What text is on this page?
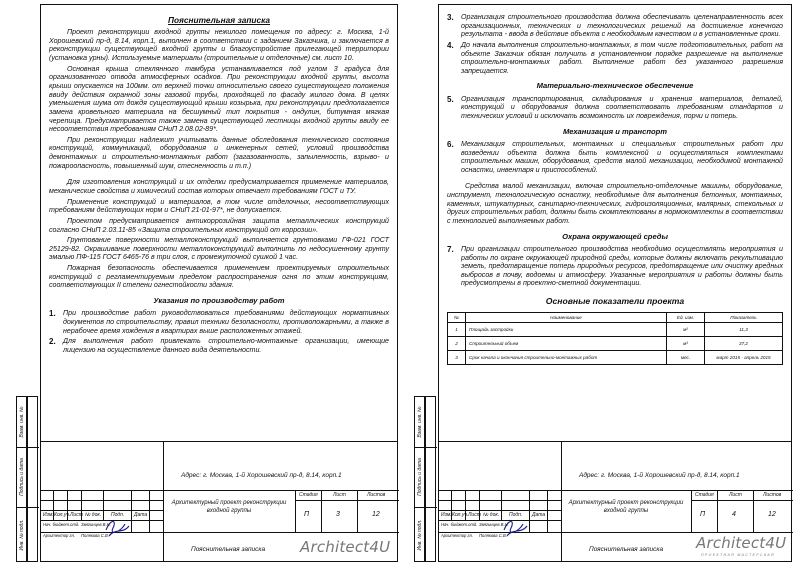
Взам. инв. №
Подпись и дата
Инв. № подл.
Пояснительная записка

Проект реконструкции входной группы нежилого помещения по адресу: г. Москва, 1-й Хорошевский пр-д, 8.14, корп.1, выполнен в соответствии с заданием Заказчика, и заключается в реконструкции существующей входной группы и благоустройстве прилегающей территории (установка урны). Используемые материалы (строительные и отделочные) см. лист 10.

Основная крыша стеклянного тамбура устанавливается под углом 3 градуса для организованного отвода атмосферных осадков. При реконструкции входной группы, высота крыши опускается на 100мм. от верхней точки относительно своего существующего положения ввиду действия охранной зоны газовой трубы, проходящей по фасаду жилого дома. В целях уменьшения шума от дождя существующий крыши козырька, при реконструкции предполагается замена кровельного материала на бесшумный тип покрытия - ондулин, битумная мягкая черепица. Предусматривается также замена существующей лестницы входной группы ввиду ее несоответствия требованиям СНиП 2.08.02-89*.

При реконструкции надлежит учитывать данные обследования технического состояния конструкций, коммуникаций, оборудования и инженерных сетей, условий производства демонтажных и строительно-монтажных работ (загазованность, запыленность, взрыво- и пожароопасность, повышенный шум, стесненность и т.п.)

Для изготовления конструкций и их отделки предусматривается применение материалов, механические свойства и химический состав которых отвечает требованиям ГОСТ и ТУ.

Применение конструкций и материалов, в том числе отделочных, несоответствующих требованиям действующих норм и СНиП 21-01-97*, не допускается.

Проектом предусматривается антикоррозийная защита металлических конструкций согласно СНиП 2.03.11-85 «Защита строительных конструкций от коррозии».

Грунтование поверхности металлоконструкций выполняется грунтовками ГФ-021 ГОСТ 25129-82. Окрашивание поверхности металлоконструкций выполнить по недосушенному грунту эмалью ПФ-115 ГОСТ 6465-76 в три слоя, с промежуточной сушкой 1 час.

Пожарная безопасность обеспечивается применением проектируемых строительных конструкций с регламентируемым пределом распространения огня по этим конструкциям, соответствующих II степени огнестойкости здания.

Указания по производству работ
1.	При производстве работ руководствоваться требованиями действующих нормативных документов по строительству, правил техники безопасности, противопожарными, а также в нерабочее время хождения в квартирах выше расположенных этажей.
2.	Для выполнения работ привлекать строительно-монтажные организации, имеющие лицензию на осуществление данного вида деятельности.
Изм. Кол.уч. Лист № док. Подп. Дата
Нач. бюджет.отд. Звягинцев В.Н.
Архитектор гл. Полякова С.В.
Адрес: г. Москва, 1-й Хорошевский пр-д, 8.14, корп.1
Архитектурный проект реконструкции входной группы
Стадия	Лист	Листов
П	3	12
Пояснительная записка Architect4U
Взам. инв. №
Подпись и дата
Инв. № подл.
3.	Организация строительного производства должна обеспечивать целенаправленность всех организационных, технических и технологических решений на достижение конечного результата - ввода в действие объекта с необходимым качеством и в установленные сроки.
4.	До начала выполнения строительно-монтажных, в том числе подготовительных, работ на объекте Заказчик обязан получить в установленном порядке разрешение на выполнение строительно-монтажных работ. Выполнение работ без указанного разрешения запрещается.
Материально-техническое обеспечение
5.	Организация транспортирования, складирования и хранения материалов, деталей, конструкций и оборудования должна соответствовать требованиям стандартов и технических условий и исключать возможность их повреждения, порчи и потерь.
Механизация и транспорт
6.	Механизация строительных, монтажных и специальных строительных работ при возведении объекта должна быть комплексной и осуществляться комплектами строительных машин, оборудования, средств малой механизации, необходимой монтажной оснастки, инвентаря и приспособлений.

Средства малой механизации, включая строительно-отделочные машины, оборудование, инструмент, технологическую оснастку, необходимые для выполнения бетонных, монтажных, каменных, штукатурных, санитарно-технических, гидроизоляционных, малярных, стекольных и других строительных работ, должны быть скомплектованы в нормокомплекты в соответствии с технологией выполняемых работ.

Охрана окружающей среды
7.	При организации строительного производства необходимо осуществлять мероприятия и работы по охране окружающей природной среды, которые должны включать рекультивацию земель, предотвращение потерь природных ресурсов, предотвращение или очистку вредных выбросов в почву, водоемы и атмосферу. Указанные мероприятия и работы должны быть предусмотрены в проектно-сметной документации.
Основные показатели проекта
№	Наименование	Ед. изм.	Показатель
1	Площадь застройки	м²	11,3
2	Строительный объем	м³	37,2
3	Срок начала и окончания строительно-монтажных работ	мес.	март 2015 - апрель 2015
Изм. Кол.уч. Лист № док. Подп. Дата
Нач. бюджет.отд. Звягинцев В.Н.
Архитектор гл. Полякова С.В.
Адрес: г. Москва, 1-й Хорошевский пр-д, 8.14, корп.1
Архитектурный проект реконструкции входной группы
Стадия	Лист	Листов
П	4	12
Пояснительная записка Architect4U
ПРОЕКТНАЯ МАСТЕРСКАЯ
